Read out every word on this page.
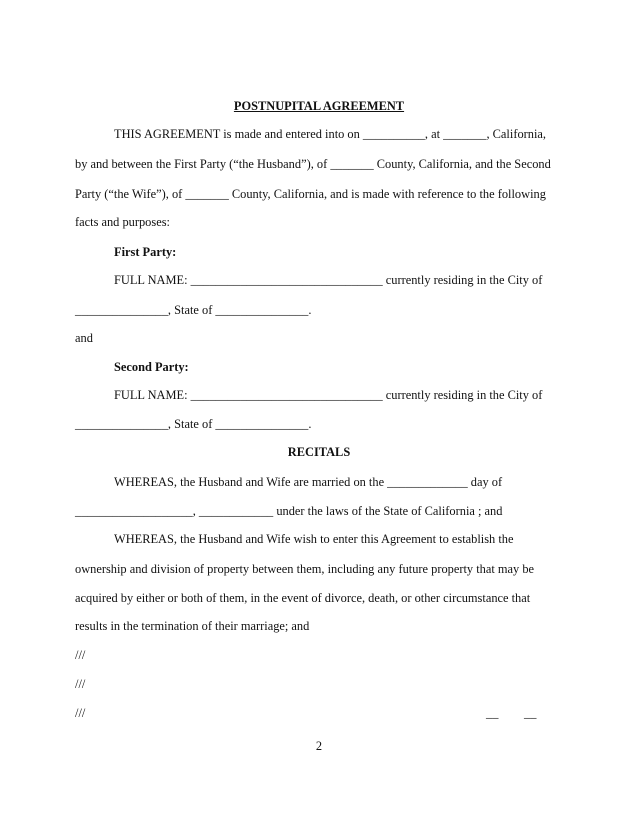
POSTNUPITAL AGREEMENT
THIS AGREEMENT is made and entered into on __________, at _______, California,
by and between the First Party (“the Husband”), of _______ County, California, and the Second
Party (“the Wife”), of _______ County, California, and is made with reference to the following
facts and purposes:
First Party:
FULL NAME: _______________________________ currently residing in the City of
_______________, State of _______________.
and
Second Party:
FULL NAME: _______________________________ currently residing in the City of
_______________, State of _______________.
RECITALS
WHEREAS, the Husband and Wife are married on the _____________ day of
___________________, ____________ under the laws of the State of California ; and
WHEREAS, the Husband and Wife wish to enter this Agreement to establish the
ownership and division of property between them, including any future property that may be
acquired by either or both of them, in the event of divorce, death, or other circumstance that
results in the termination of their marriage; and
///
///
///	__ __
2
